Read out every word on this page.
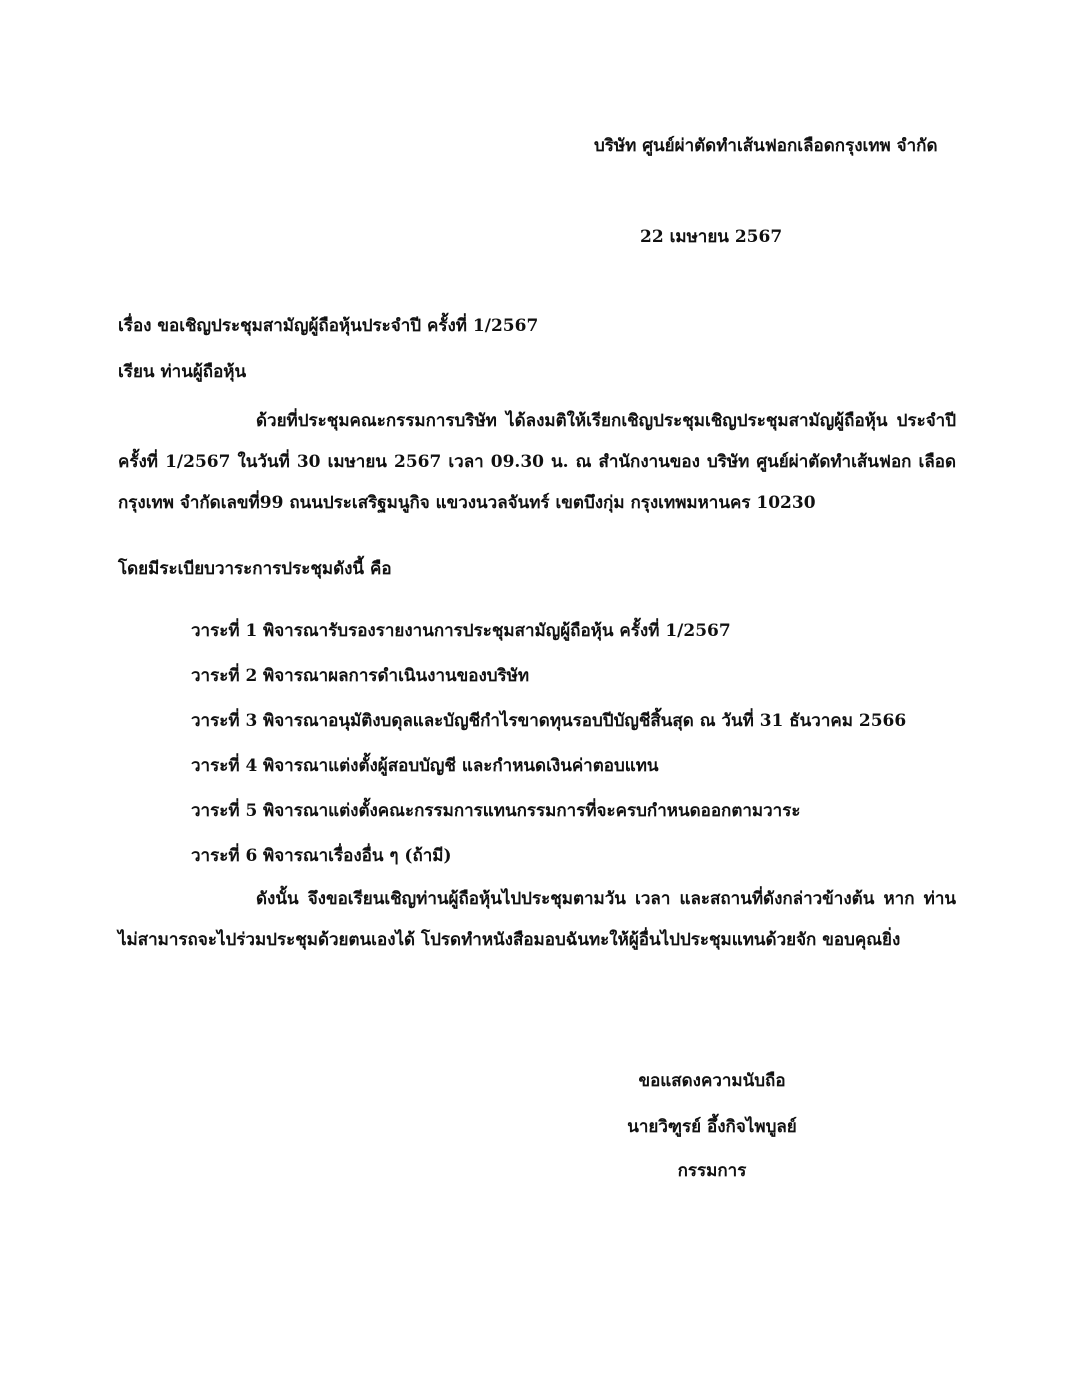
บริษัท ศูนย์ผ่าตัดทำเส้นฟอกเลือดกรุงเทพ จำกัด
22 เมษายน 2567
เรื่อง ขอเชิญประชุมสามัญผู้ถือหุ้นประจำปี ครั้งที่ 1/2567
เรียน ท่านผู้ถือหุ้น
ด้วยที่ประชุมคณะกรรมการบริษัท ได้ลงมติให้เรียกเชิญประชุมเชิญประชุมสามัญผู้ถือหุ้น ประจำปี ครั้งที่ 1/2567 ในวันที่ 30 เมษายน 2567 เวลา 09.30 น. ณ สำนักงานของ บริษัท ศูนย์ผ่าตัดทำเส้นฟอก เลือดกรุงเทพ จำกัดเลขที่99 ถนนประเสริฐมนูกิจ แขวงนวลจันทร์ เขตบึงกุ่ม กรุงเทพมหานคร 10230
โดยมีระเบียบวาระการประชุมดังนี้ คือ
วาระที่ 1 พิจารณารับรองรายงานการประชุมสามัญผู้ถือหุ้น ครั้งที่ 1/2567
วาระที่ 2 พิจารณาผลการดำเนินงานของบริษัท
วาระที่ 3 พิจารณาอนุมัติงบดุลและบัญชีกำไรขาดทุนรอบปีบัญชีสิ้นสุด ณ วันที่ 31 ธันวาคม 2566
วาระที่ 4 พิจารณาแต่งตั้งผู้สอบบัญชี และกำหนดเงินค่าตอบแทน
วาระที่ 5 พิจารณาแต่งตั้งคณะกรรมการแทนกรรมการที่จะครบกำหนดออกตามวาระ
วาระที่ 6 พิจารณาเรื่องอื่น ๆ (ถ้ามี)
ดังนั้น จึงขอเรียนเชิญท่านผู้ถือหุ้นไปประชุมตามวัน เวลา และสถานที่ดังกล่าวข้างต้น หาก ท่านไม่สามารถจะไปร่วมประชุมด้วยตนเองได้ โปรดทำหนังสือมอบฉันทะให้ผู้อื่นไปประชุมแทนด้วยจัก ขอบคุณยิ่ง
ขอแสดงความนับถือ
นายวิฑูรย์ อึ้งกิจไพบูลย์
กรรมการ
